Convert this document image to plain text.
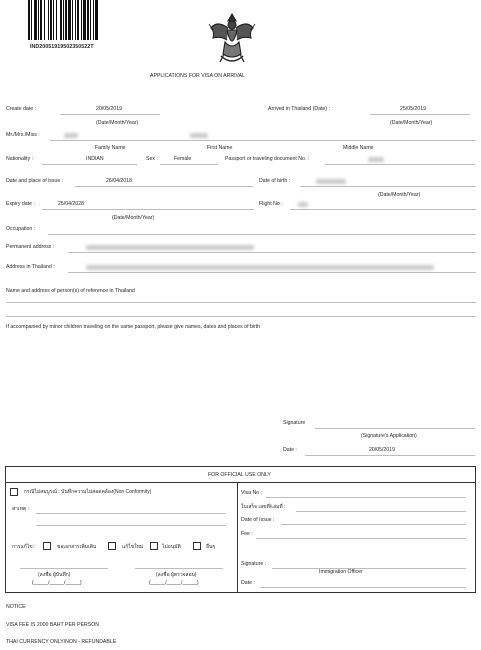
IND20051919502350522T
APPLICATIONS FOR VISA ON ARRIVAL
Create date :	20/05/2019
(Date/Month/Year)
Arrived in Thailand (Date) :	25/05/2019
(Date/Month/Year)
Mr./Mrs./Miss :
Family Name	First Name	Middle Name
Nationality :	INDIAN	Sex :	Female	Passport or traveling document No. :
Date and place of issue :	26/04/2018	Date of birth :
(Date/Month/Year)
Expiry date :	25/04/2028
(Date/Month/Year)
Flight No :
Occupation :
Permanent address :
Address in Thailand :
Name and address of person(s) of reference in Thailand
If accompanied by minor children traveling on the same passport, please give names, dates and places of birth
Signature
(Signature's Application)
Date :	20/05/2019
FOR OFFICIAL USE ONLY
กรณีไม่สมบูรณ์ : บันทึกความไม่สอดคล้อง(Non Conformity)
สาเหตุ :
การแก้ไข :	ขอเอกสารเพิ่มเติม	แก้ไขใหม่	ไม่อนุมัติ	อื่นๆ
(ลงชื่อ ผู้บันทึก)	(ลงชื่อ ผู้ตรวจสอบ)
(_____/_____/_____)	(_____/_____/_____)
Visa No :
ใบเสร็จ เลขที่/เล่มที่ :
Date of Issue :
Fee :
Signature :
Immigration Officer
Date :
NOTICE
VISA FEE IS 2000 BAHT PER PERSON
THAI CURRENCY ONLY/NON - REFUNDABLE
